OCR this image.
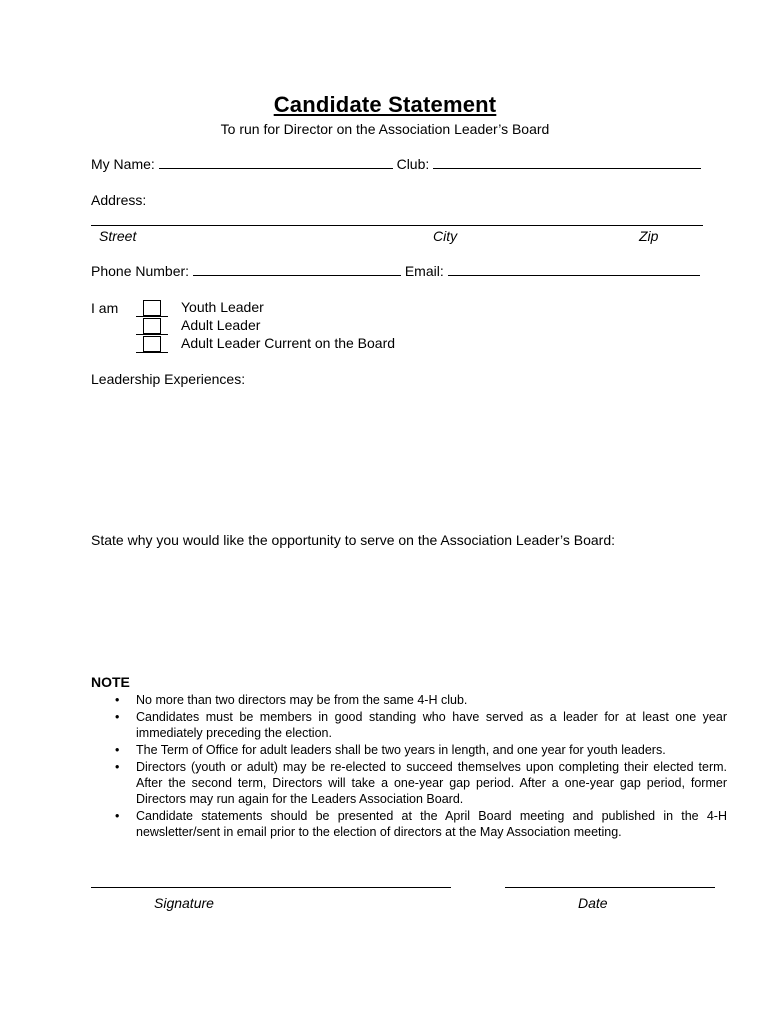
Candidate Statement
To run for Director on the Association Leader’s Board
My Name:	Club:
Address:
Street	City	Zip
Phone Number:	Email:
I am	Youth Leader
Adult Leader
Adult Leader Current on the Board
Leadership Experiences:
State why you would like the opportunity to serve on the Association Leader’s Board:
NOTE
• No more than two directors may be from the same 4-H club.
• Candidates must be members in good standing who have served as a leader for at least one year immediately preceding the election.
• The Term of Office for adult leaders shall be two years in length, and one year for youth leaders.
• Directors (youth or adult) may be re-elected to succeed themselves upon completing their elected term. After the second term, Directors will take a one-year gap period. After a one-year gap period, former Directors may run again for the Leaders Association Board.
• Candidate statements should be presented at the April Board meeting and published in the 4-H newsletter/sent in email prior to the election of directors at the May Association meeting.
Signature	Date
